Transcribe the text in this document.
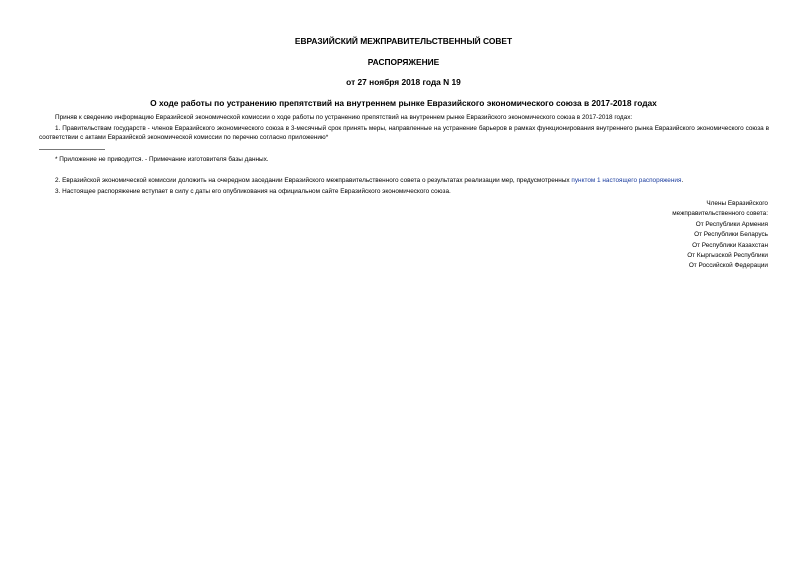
ЕВРАЗИЙСКИЙ МЕЖПРАВИТЕЛЬСТВЕННЫЙ СОВЕТ
РАСПОРЯЖЕНИЕ
от 27 ноября 2018 года N 19
О ходе работы по устранению препятствий на внутреннем рынке Евразийского экономического союза в 2017-2018 годах
Приняв к сведению информацию Евразийской экономической комиссии о ходе работы по устранению препятствий на внутреннем рынке Евразийского экономического союза в 2017-2018 годах:
1. Правительствам государств - членов Евразийского экономического союза в 3-месячный срок принять меры, направленные на устранение барьеров в рамках функционирования внутреннего рынка Евразийского экономического союза в соответствии с актами Евразийской экономической комиссии по перечню согласно приложению*
* Приложение не приводится. - Примечание изготовителя базы данных.
2. Евразийской экономической комиссии доложить на очередном заседании Евразийского межправительственного совета о результатах реализации мер, предусмотренных пунктом 1 настоящего распоряжения.
3. Настоящее распоряжение вступает в силу с даты его опубликования на официальном сайте Евразийского экономического союза.
Члены Евразийского
межправительственного совета:
От Республики Армения
От Республики Беларусь
От Республики Казахстан
От Кыргызской Республики
От Российской Федерации
